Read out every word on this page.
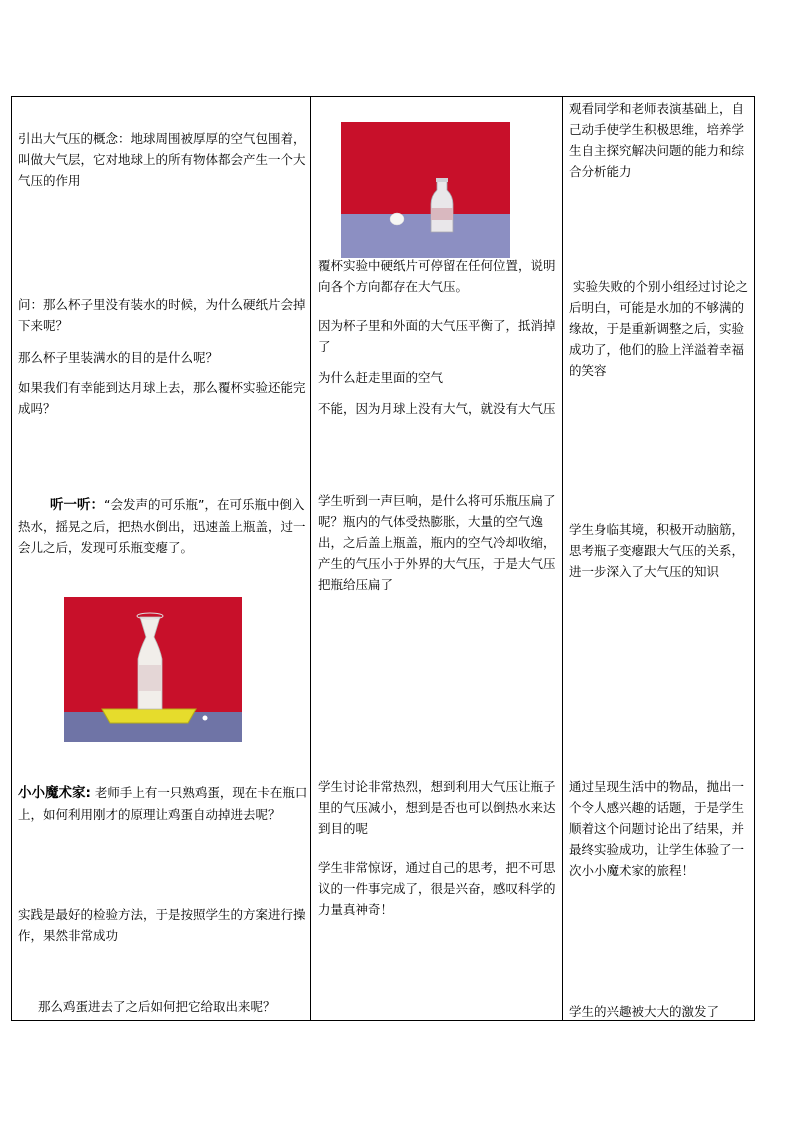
引出大气压的概念：地球周围被厚厚的空气包围着，叫做大气层，它对地球上的所有物体都会产生一个大气压的作用

问：那么杯子里没有装水的时候，为什么硬纸片会掉下来呢？

那么杯子里装满水的目的是什么呢？

如果我们有幸能到达月球上去，那么覆杯实验还能完成吗？

听一听：“会发声的可乐瓶”，在可乐瓶中倒入热水，摇晃之后，把热水倒出，迅速盖上瓶盖，过一会儿之后，发现可乐瓶变瘪了。

小小魔术家: 老师手上有一只熟鸡蛋，现在卡在瓶口上，如何利用刚才的原理让鸡蛋自动掉进去呢？

实践是最好的检验方法，于是按照学生的方案进行操作，果然非常成功

那么鸡蛋进去了之后如何把它给取出来呢？

覆杯实验中硬纸片可停留在任何位置，说明向各个方向都存在大气压。

因为杯子里和外面的大气压平衡了，抵消掉了

为什么赶走里面的空气

不能，因为月球上没有大气，就没有大气压

学生听到一声巨响，是什么将可乐瓶压扁了呢？瓶内的气体受热膨胀，大量的空气逸出，之后盖上瓶盖，瓶内的空气冷却收缩，产生的气压小于外界的大气压，于是大气压把瓶给压扁了

学生讨论非常热烈，想到利用大气压让瓶子里的气压减小，想到是否也可以倒热水来达到目的呢

学生非常惊讶，通过自己的思考，把不可思议的一件事完成了，很是兴奋，感叹科学的力量真神奇！

观看同学和老师表演基础上，自己动手使学生积极思维，培养学生自主探究解决问题的能力和综合分析能力

实验失败的个别小组经过讨论之后明白，可能是水加的不够满的缘故，于是重新调整之后，实验成功了，他们的脸上洋溢着幸福的笑容

学生身临其境，积极开动脑筋，思考瓶子变瘪跟大气压的关系，进一步深入了大气压的知识

通过呈现生活中的物品，抛出一个令人感兴趣的话题，于是学生顺着这个问题讨论出了结果，并最终实验成功，让学生体验了一次小小魔术家的旅程！

学生的兴趣被大大的激发了
